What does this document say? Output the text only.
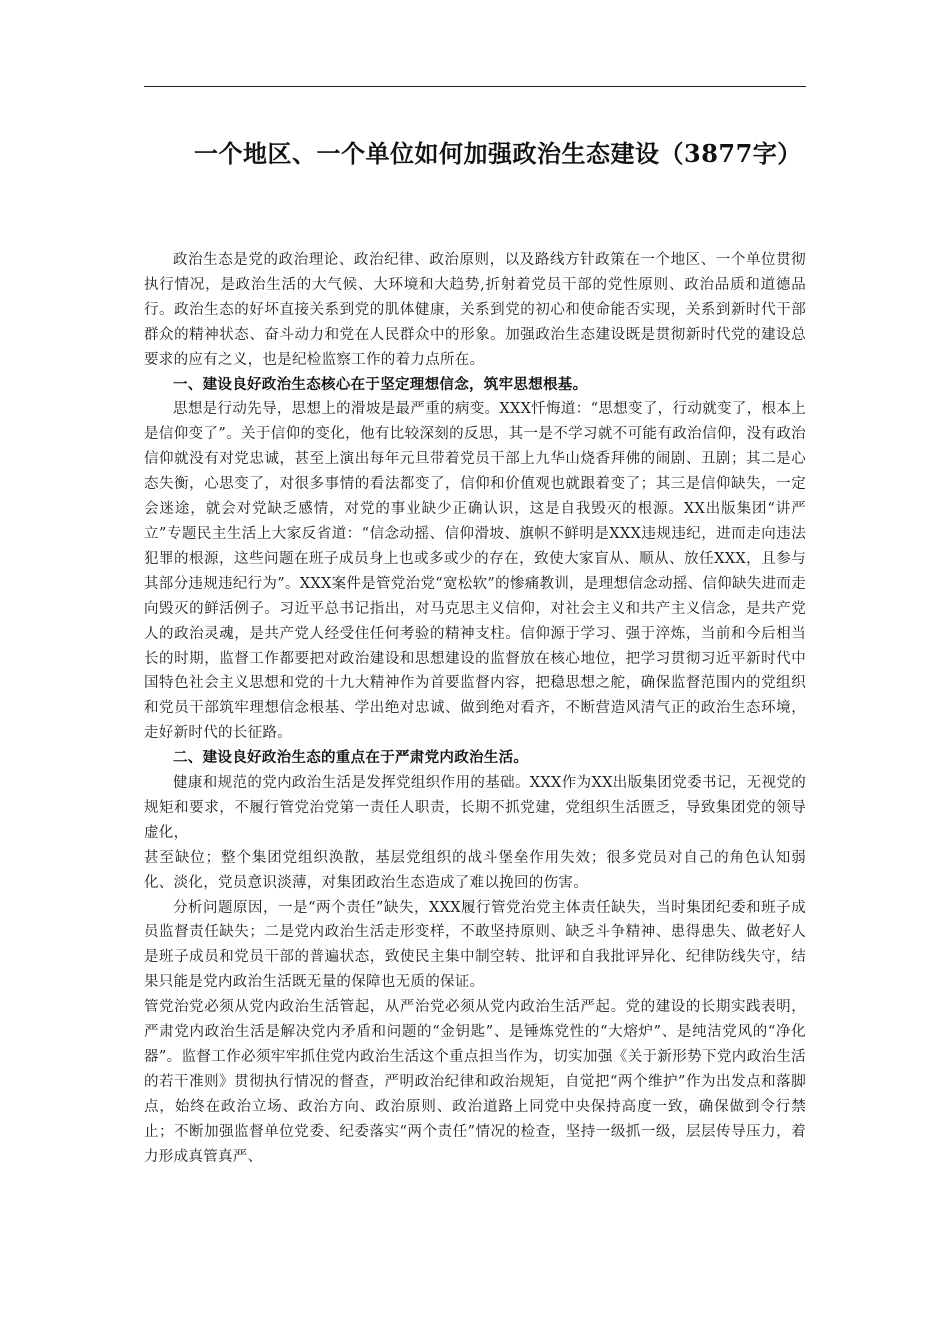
一个地区、一个单位如何加强政治生态建设（3877字）

政治生态是党的政治理论、政治纪律、政治原则，以及路线方针政策在一个地区、一个单位贯彻执行情况，是政治生活的大气候、大环境和大趋势,折射着党员干部的党性原则、政治品质和道德品行。政治生态的好坏直接关系到党的肌体健康，关系到党的初心和使命能否实现，关系到新时代干部群众的精神状态、奋斗动力和党在人民群众中的形象。加强政治生态建设既是贯彻新时代党的建设总要求的应有之义，也是纪检监察工作的着力点所在。

一、建设良好政治生态核心在于坚定理想信念，筑牢思想根基。

思想是行动先导，思想上的滑坡是最严重的病变。XXX忏悔道：“思想变了，行动就变了，根本上是信仰变了”。关于信仰的变化，他有比较深刻的反思，其一是不学习就不可能有政治信仰，没有政治信仰就没有对党忠诚，甚至上演出每年元旦带着党员干部上九华山烧香拜佛的闹剧、丑剧；其二是心态失衡，心思变了，对很多事情的看法都变了，信仰和价值观也就跟着变了；其三是信仰缺失，一定会迷途，就会对党缺乏感情，对党的事业缺少正确认识，这是自我毁灭的根源。XX出版集团“讲严立”专题民主生活上大家反省道：“信念动摇、信仰滑坡、旗帜不鲜明是XXX违规违纪，进而走向违法犯罪的根源，这些问题在班子成员身上也或多或少的存在，致使大家盲从、顺从、放任XXX，且参与其部分违规违纪行为”。XXX案件是管党治党“宽松软”的惨痛教训，是理想信念动摇、信仰缺失进而走向毁灭的鲜活例子。习近平总书记指出，对马克思主义信仰，对社会主义和共产主义信念，是共产党人的政治灵魂，是共产党人经受住任何考验的精神支柱。信仰源于学习、强于淬炼，当前和今后相当长的时期，监督工作都要把对政治建设和思想建设的监督放在核心地位，把学习贯彻习近平新时代中国特色社会主义思想和党的十九大精神作为首要监督内容，把稳思想之舵，确保监督范围内的党组织和党员干部筑牢理想信念根基、学出绝对忠诚、做到绝对看齐，不断营造风清气正的政治生态环境，走好新时代的长征路。

二、建设良好政治生态的重点在于严肃党内政治生活。

健康和规范的党内政治生活是发挥党组织作用的基础。XXX作为XX出版集团党委书记，无视党的规矩和要求，不履行管党治党第一责任人职责，长期不抓党建，党组织生活匮乏，导致集团党的领导虚化，

甚至缺位；整个集团党组织涣散，基层党组织的战斗堡垒作用失效；很多党员对自己的角色认知弱化、淡化，党员意识淡薄，对集团政治生态造成了难以挽回的伤害。

分析问题原因，一是“两个责任”缺失，XXX履行管党治党主体责任缺失，当时集团纪委和班子成员监督责任缺失；二是党内政治生活走形变样，不敢坚持原则、缺乏斗争精神、患得患失、做老好人是班子成员和党员干部的普遍状态，致使民主集中制空转、批评和自我批评异化、纪律防线失守，结果只能是党内政治生活既无量的保障也无质的保证。

管党治党必须从党内政治生活管起，从严治党必须从党内政治生活严起。党的建设的长期实践表明，严肃党内政治生活是解决党内矛盾和问题的“金钥匙”、是锤炼党性的“大熔炉”、是纯洁党风的“净化器”。监督工作必须牢牢抓住党内政治生活这个重点担当作为，切实加强《关于新形势下党内政治生活的若干准则》贯彻执行情况的督查，严明政治纪律和政治规矩，自觉把“两个维护”作为出发点和落脚点，始终在政治立场、政治方向、政治原则、政治道路上同党中央保持高度一致，确保做到令行禁止；不断加强监督单位党委、纪委落实“两个责任”情况的检查，坚持一级抓一级，层层传导压力，着力形成真管真严、
